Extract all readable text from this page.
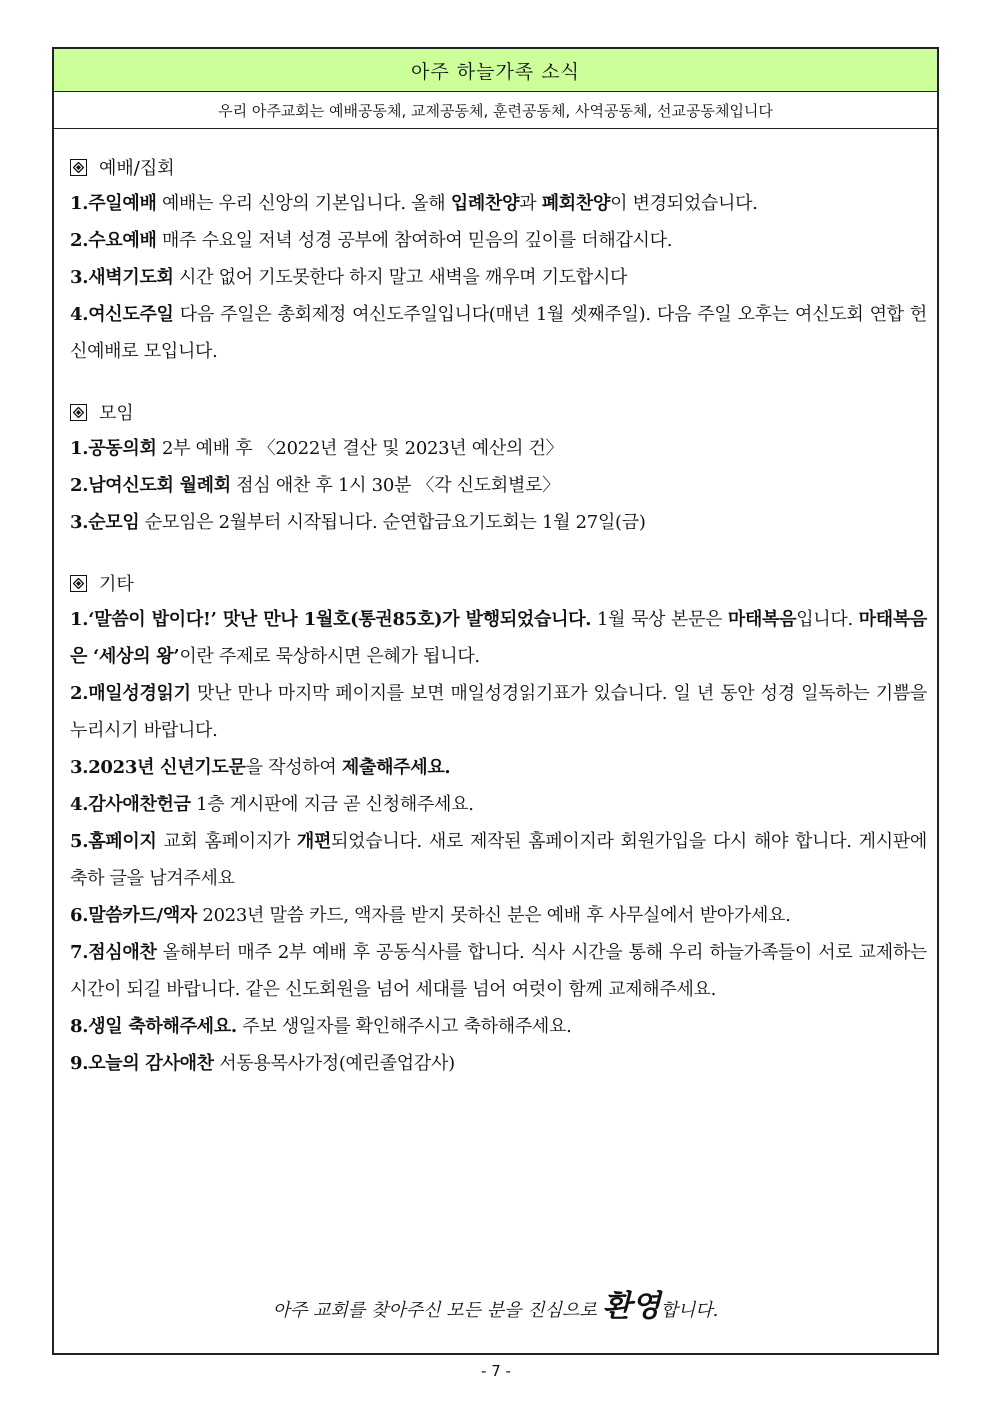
아주 하늘가족 소식
우리 아주교회는 예배공동체, 교제공동체, 훈련공동체, 사역공동체, 선교공동체입니다
예배/집회
1.주일예배 예배는 우리 신앙의 기본입니다. 올해 입례찬양과 폐회찬양이 변경되었습니다.
2.수요예배 매주 수요일 저녁 성경 공부에 참여하여 믿음의 깊이를 더해갑시다.
3.새벽기도회 시간 없어 기도못한다 하지 말고 새벽을 깨우며 기도합시다
4.여신도주일 다음 주일은 총회제정 여신도주일입니다(매년 1월 셋째주일). 다음 주일 오후는 여신도회 연합 헌신예배로 모입니다.
모임
1.공동의회 2부 예배 후 〈2022년 결산 및 2023년 예산의 건〉
2.남여신도회 월례회 점심 애찬 후 1시 30분 〈각 신도회별로〉
3.순모임 순모임은 2월부터 시작됩니다. 순연합금요기도회는 1월 27일(금)
기타
1.‘말씀이 밥이다!’ 맛난 만나 1월호(통권85호)가 발행되었습니다. 1월 묵상 본문은 마태복음입니다. 마태복음은 ‘세상의 왕’이란 주제로 묵상하시면 은혜가 됩니다.
2.매일성경읽기 맛난 만나 마지막 페이지를 보면 매일성경읽기표가 있습니다. 일 년 동안 성경 일독하는 기쁨을 누리시기 바랍니다.
3.2023년 신년기도문을 작성하여 제출해주세요.
4.감사애찬헌금 1층 게시판에 지금 곧 신청해주세요.
5.홈페이지 교회 홈페이지가 개편되었습니다. 새로 제작된 홈페이지라 회원가입을 다시 해야 합니다. 게시판에 축하 글을 남겨주세요
6.말씀카드/액자 2023년 말씀 카드, 액자를 받지 못하신 분은 예배 후 사무실에서 받아가세요.
7.점심애찬 올해부터 매주 2부 예배 후 공동식사를 합니다. 식사 시간을 통해 우리 하늘가족들이 서로 교제하는 시간이 되길 바랍니다. 같은 신도회원을 넘어 세대를 넘어 여럿이 함께 교제해주세요.
8.생일 축하해주세요. 주보 생일자를 확인해주시고 축하해주세요.
9.오늘의 감사애찬 서동용목사가정(예린졸업감사)
아주 교회를 찾아주신 모든 분을 진심으로 환영합니다.
- 7 -
